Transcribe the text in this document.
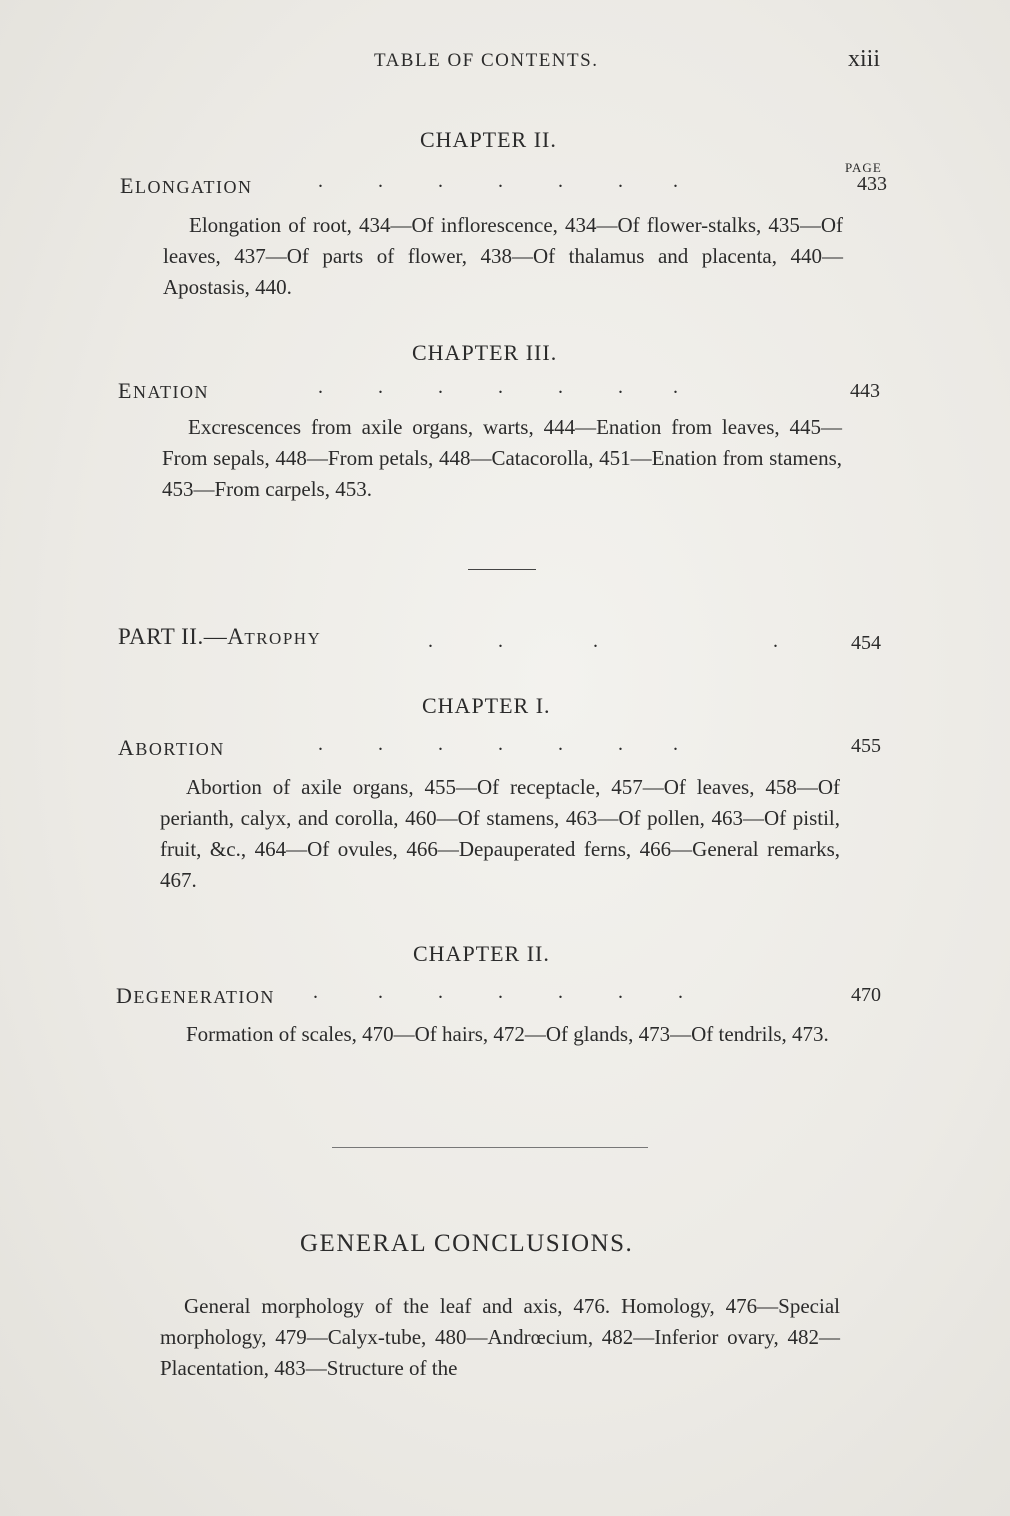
TABLE OF CONTENTS.	xiii
CHAPTER II.
PAGE
ELONGATION	.           .           .           .           .           .          .	433
Elongation of root, 434—Of inflorescence, 434—Of flower-stalks, 435—Of leaves, 437—Of parts of flower, 438—Of thalamus and placenta, 440—Apostasis, 440.
CHAPTER III.
ENATION	.           .           .           .           .           .          .	443
Excrescences from axile organs, warts, 444—Enation from leaves, 445—From sepals, 448—From petals, 448—Catacorolla, 451—Enation from stamens, 453—From carpels, 453.
PART II.—ATROPHY	.             .                  .                                   .	454
CHAPTER I.
ABORTION	.           .           .           .           .           .          .	455
Abortion of axile organs, 455—Of receptacle, 457—Of leaves, 458—Of perianth, calyx, and corolla, 460—Of stamens, 463—Of pollen, 463—Of pistil, fruit, &c., 464—Of ovules, 466—Depauperated ferns, 466—General remarks, 467.
CHAPTER II.
DEGENERATION .            .           .           .           .           .           .	470
Formation of scales, 470—Of hairs, 472—Of glands, 473—Of tendrils, 473.
GENERAL CONCLUSIONS.
General morphology of the leaf and axis, 476. Homology, 476—Special morphology, 479—Calyx-tube, 480—Andrœcium, 482—Inferior ovary, 482—Placentation, 483—Structure of the
